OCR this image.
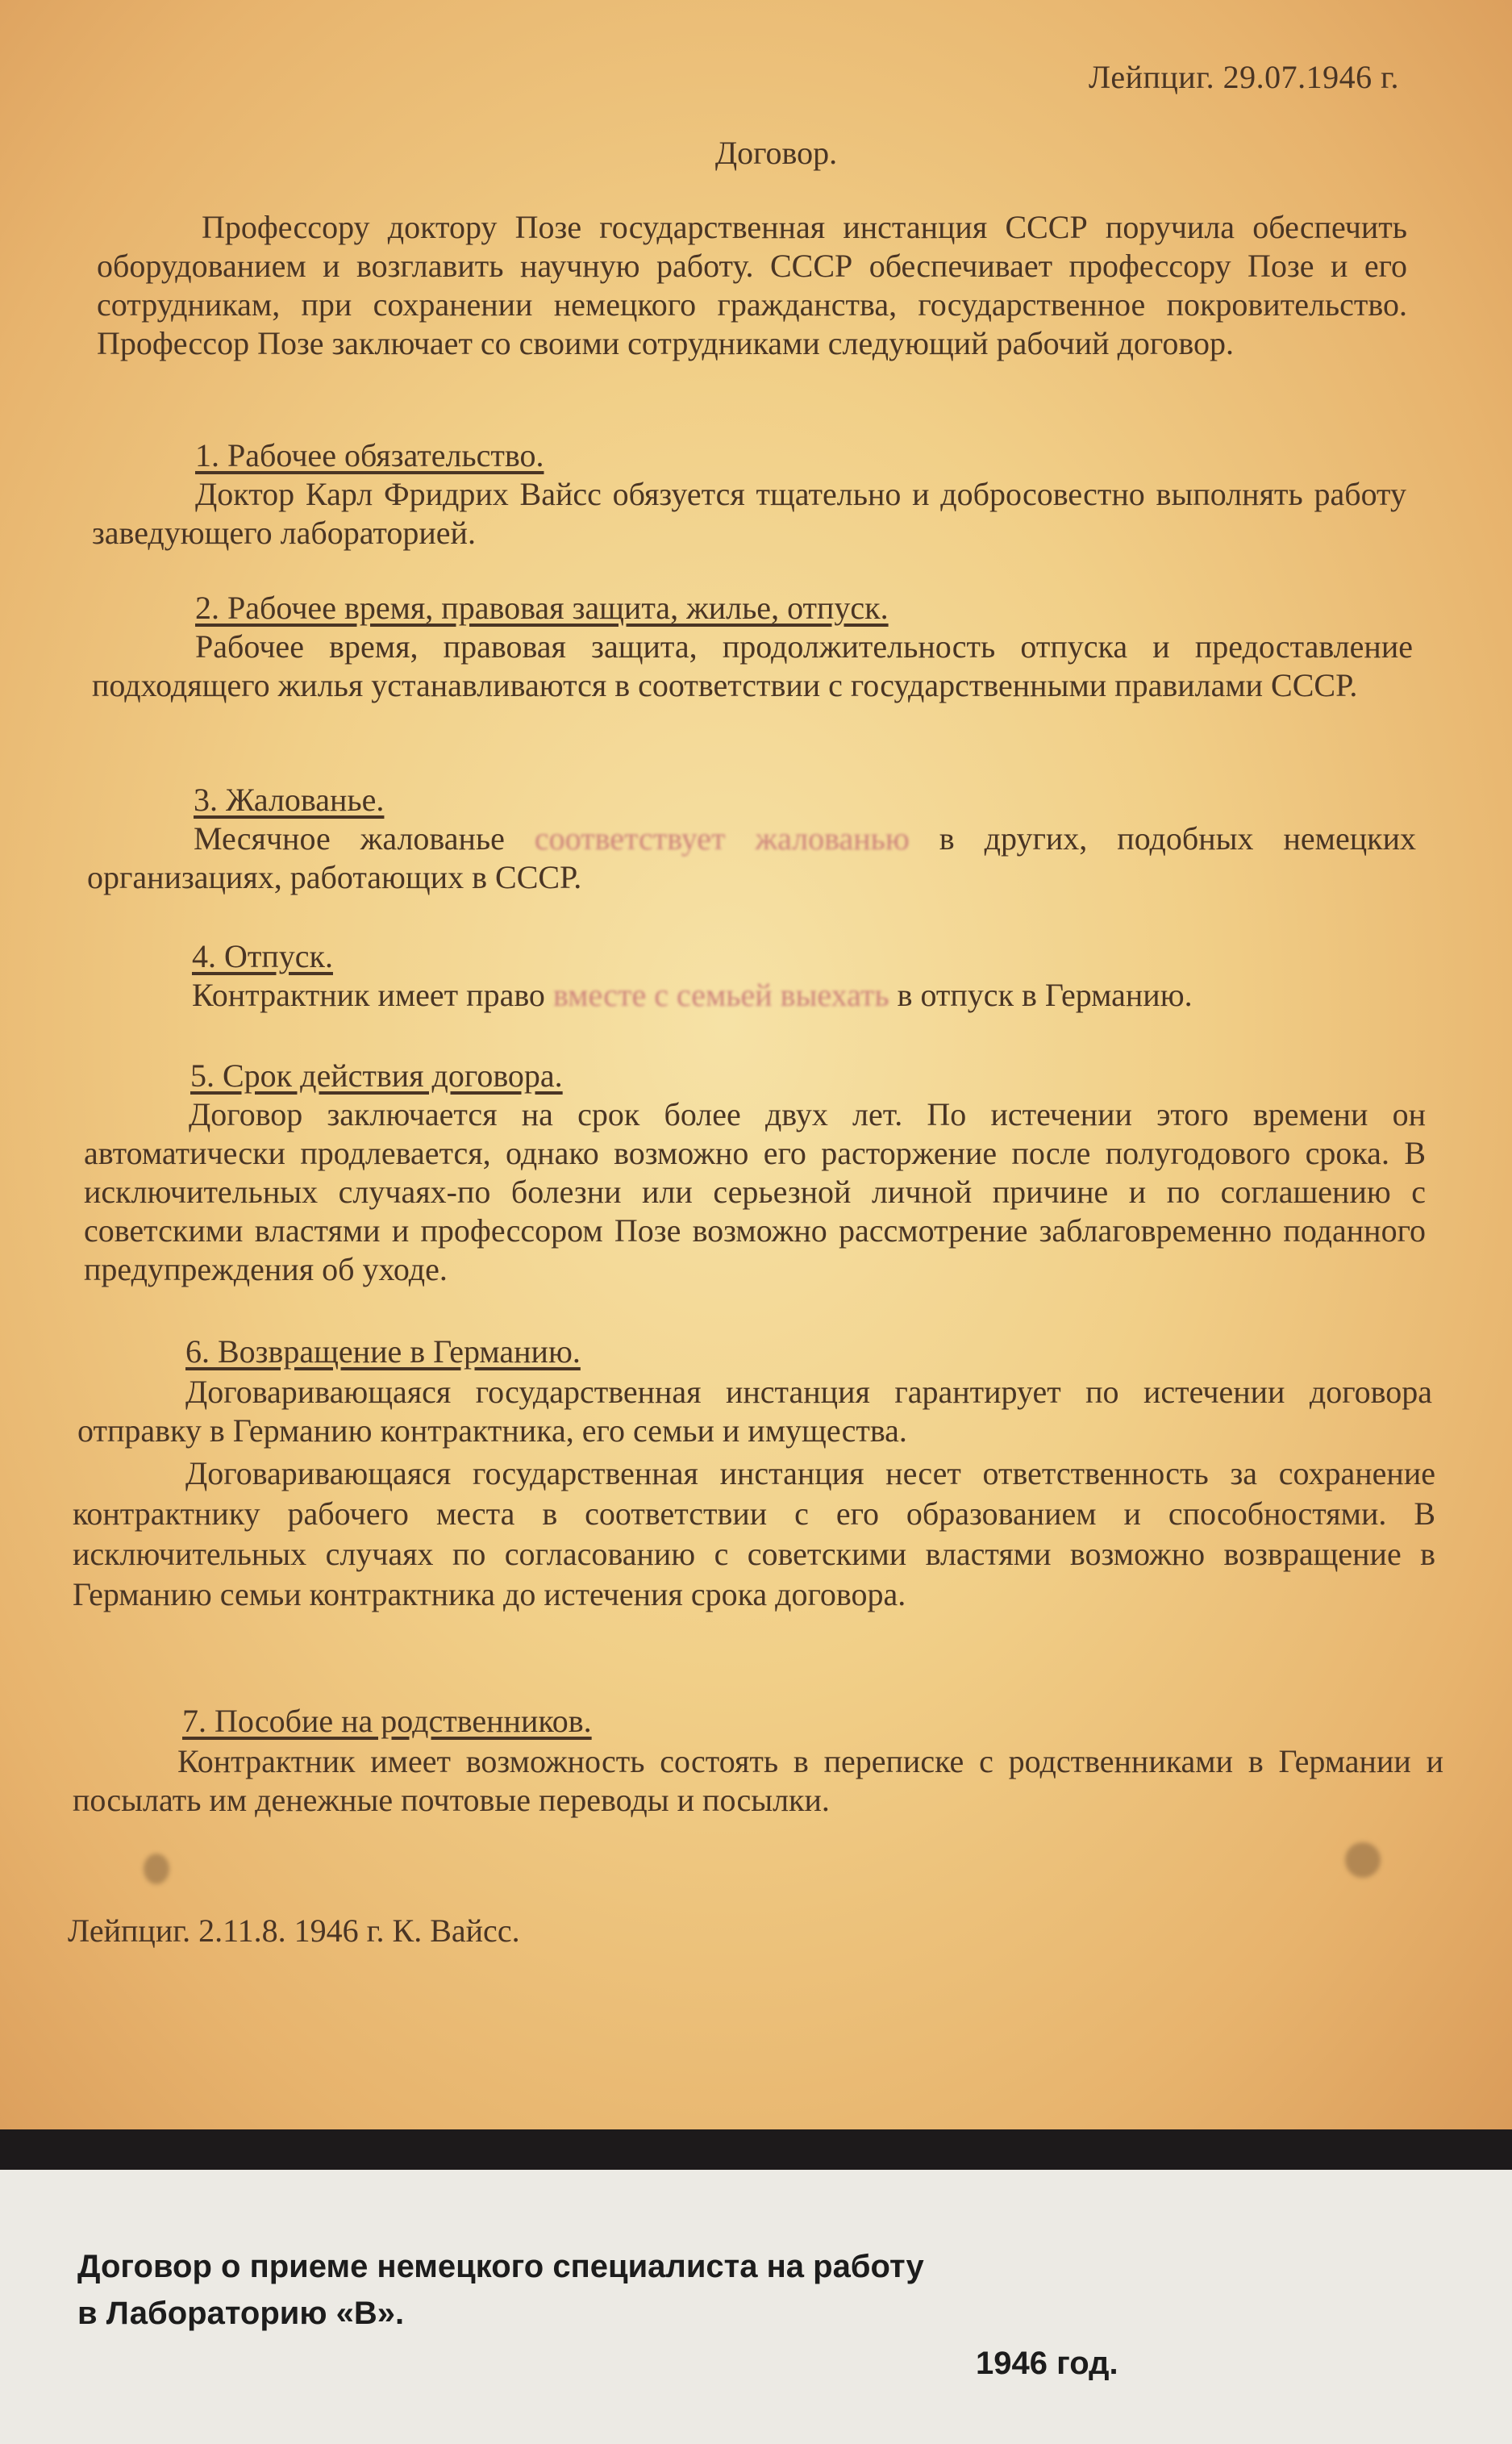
Лейпциг. 29.07.1946 г.
Договор.

Профессору доктору Позе государственная инстанция СССР поручила обеспечить оборудованием и возглавить научную работу. СССР обеспечивает профессору Позе и его сотрудникам, при сохранении немецкого гражданства, государственное покровительство. Профессор Позе заключает со своими сотрудниками следующий рабочий договор.

1. Рабочее обязательство.

Доктор Карл Фридрих Вайсс обязуется тщательно и добросовестно выполнять работу заведующего лабораторией.

2. Рабочее время, правовая защита, жилье, отпуск.

Рабочее время, правовая защита, продолжительность отпуска и предоставление подходящего жилья устанавливаются в соответствии с государственными правилами СССР.

3. Жалованье.

Месячное жалованье соответствует жалованью в других, подобных немецких организациях, работающих в СССР.

4. Отпуск.

Контрактник имеет право вместе с семьей выехать в отпуск в Германию.

5. Срок действия договора.

Договор заключается на срок более двух лет. По истечении этого времени он автоматически продлевается, однако возможно его расторжение после полугодового срока. В исключительных случаях-по болезни или серьезной личной причине и по соглашению с советскими властями и профессором Позе возможно рассмотрение заблаговременно поданного предупреждения об уходе.

6. Возвращение в Германию.

Договаривающаяся государственная инстанция гарантирует по истечении договора отправку в Германию контрактника, его семьи и имущества.

Договаривающаяся государственная инстанция несет ответственность за сохранение контрактнику рабочего места в соответствии с его образованием и способностями. В исключительных случаях по согласованию с советскими властями возможно возвращение в Германию семьи контрактника до истечения срока договора.

7. Пособие на родственников.

Контрактник имеет возможность состоять в переписке с родственниками в Германии и посылать им денежные почтовые переводы и посылки.

Лейпциг. 2.11.8. 1946 г. К. Вайсс.
Договор о приеме немецкого специалиста на работу
в Лабораторию «В».
1946 год.
